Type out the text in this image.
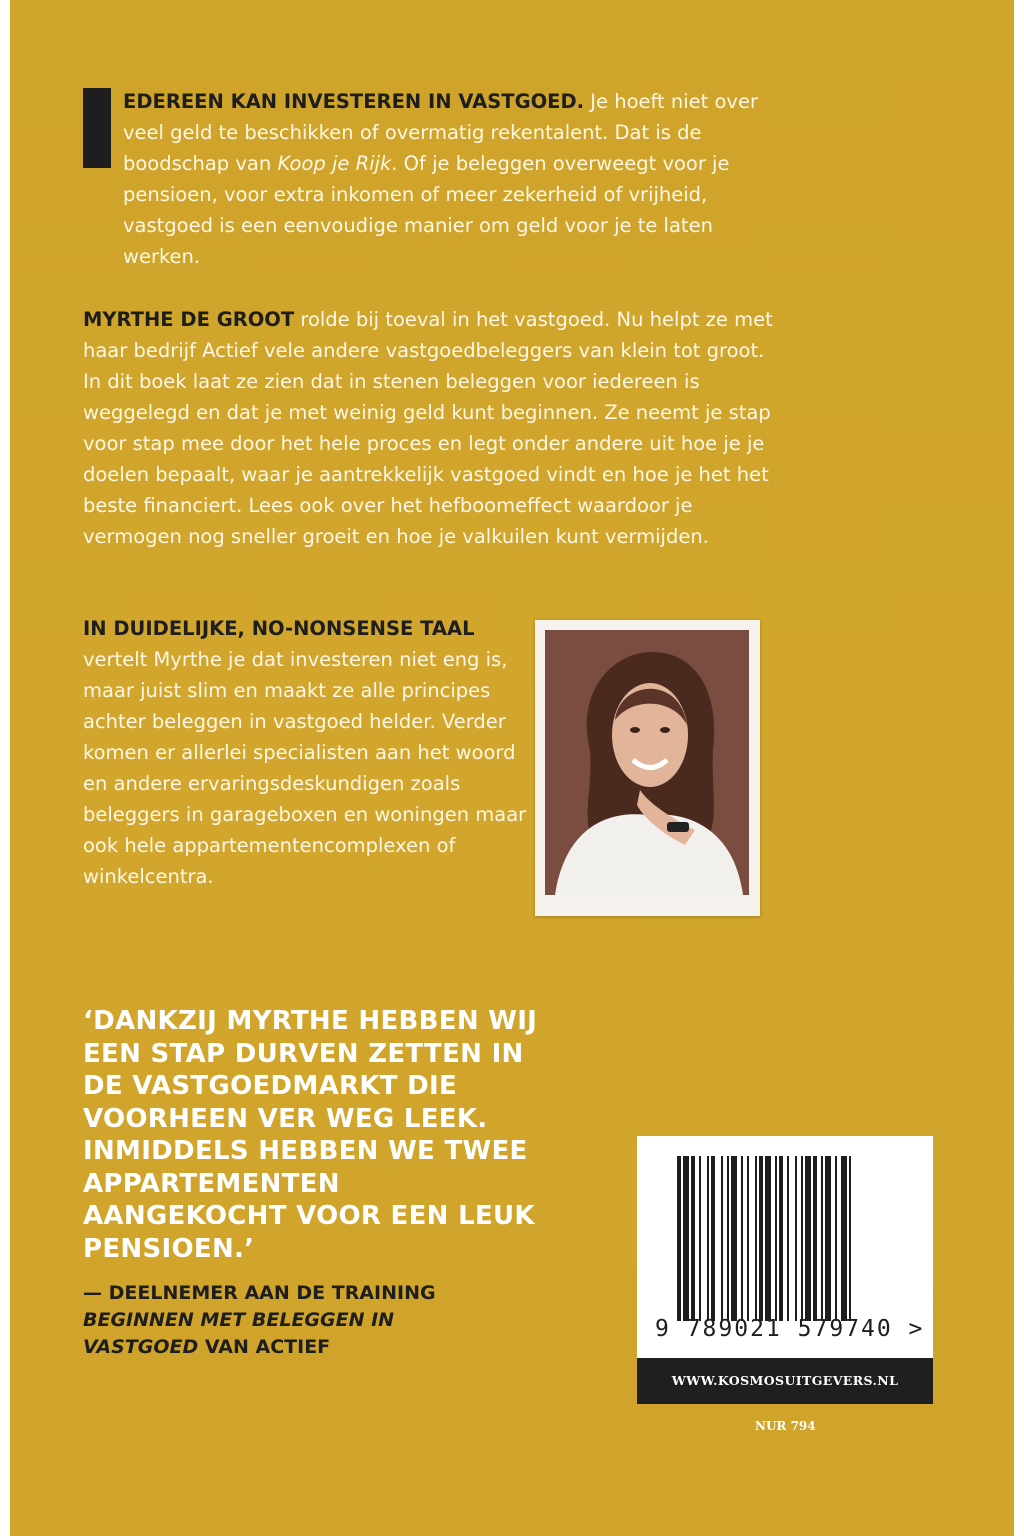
EDEREEN KAN INVESTEREN IN VASTGOED. Je hoeft niet over veel geld te beschikken of overmatig rekentalent. Dat is de boodschap van Koop je Rijk. Of je beleggen overweegt voor je pensioen, voor extra inkomen of meer zekerheid of vrijheid, vastgoed is een eenvoudige manier om geld voor je te laten werken.
MYRTHE DE GROOT rolde bij toeval in het vastgoed. Nu helpt ze met haar bedrijf Actief vele andere vastgoedbeleggers van klein tot groot. In dit boek laat ze zien dat in stenen beleggen voor iedereen is weggelegd en dat je met weinig geld kunt beginnen. Ze neemt je stap voor stap mee door het hele proces en legt onder andere uit hoe je je doelen bepaalt, waar je aantrekkelijk vastgoed vindt en hoe je het het beste financiert. Lees ook over het hefboomeffect waardoor je vermogen nog sneller groeit en hoe je valkuilen kunt vermijden.
IN DUIDELIJKE, NO-NONSENSE TAAL
vertelt Myrthe je dat investeren niet eng is, maar juist slim en maakt ze alle principes achter beleggen in vastgoed helder. Verder komen er allerlei specialisten aan het woord en andere ervaringsdeskundigen zoals beleggers in garageboxen en woningen maar ook hele appartementencomplexen of winkelcentra.
‘DANKZIJ MYRTHE HEBBEN WIJ EEN STAP DURVEN ZETTEN IN DE VASTGOEDMARKT DIE VOORHEEN VER WEG LEEK. INMIDDELS HEBBEN WE TWEE APPARTEMENTEN AANGEKOCHT VOOR EEN LEUK PENSIOEN.’
— DEELNEMER AAN DE TRAINING
BEGINNEN MET BELEGGEN IN VASTGOED VAN ACTIEF
9 789021 579740 >
WWW.KOSMOSUITGEVERS.NL
NUR 794
